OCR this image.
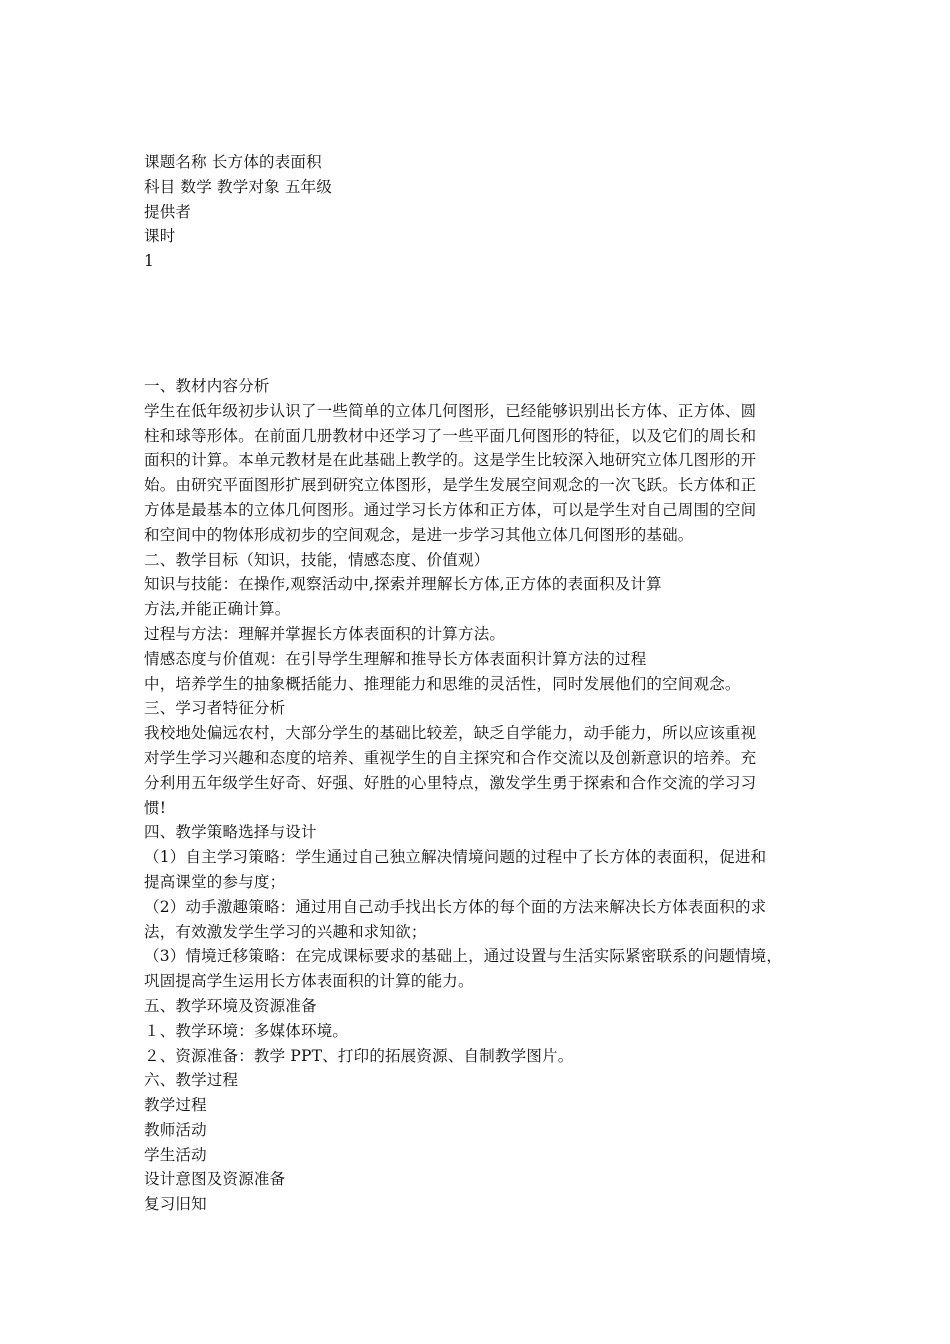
课题名称 长方体的表面积
科目 数学 教学对象 五年级
提供者
课时
1
一、教材内容分析
学生在低年级初步认识了一些简单的立体几何图形，已经能够识别出长方体、正方体、圆
柱和球等形体。在前面几册教材中还学习了一些平面几何图形的特征，以及它们的周长和
面积的计算。本单元教材是在此基础上教学的。这是学生比较深入地研究立体几图形的开
始。由研究平面图形扩展到研究立体图形，是学生发展空间观念的一次飞跃。长方体和正
方体是最基本的立体几何图形。通过学习长方体和正方体，可以是学生对自己周围的空间
和空间中的物体形成初步的空间观念，是进一步学习其他立体几何图形的基础。
二、教学目标（知识，技能，情感态度、价值观）
知识与技能：在操作,观察活动中,探索并理解长方体,正方体的表面积及计算
方法,并能正确计算。
过程与方法：理解并掌握长方体表面积的计算方法。
情感态度与价值观：在引导学生理解和推导长方体表面积计算方法的过程
中，培养学生的抽象概括能力、推理能力和思维的灵活性，同时发展他们的空间观念。
三、学习者特征分析
我校地处偏远农村，大部分学生的基础比较差，缺乏自学能力，动手能力，所以应该重视
对学生学习兴趣和态度的培养、重视学生的自主探究和合作交流以及创新意识的培养。充
分利用五年级学生好奇、好强、好胜的心里特点，激发学生勇于探索和合作交流的学习习
惯!
四、教学策略选择与设计
（1）自主学习策略：学生通过自己独立解决情境问题的过程中了长方体的表面积，促进和
提高课堂的参与度；
（2）动手激趣策略：通过用自己动手找出长方体的每个面的方法来解决长方体表面积的求
法，有效激发学生学习的兴趣和求知欲；
（3）情境迁移策略：在完成课标要求的基础上，通过设置与生活实际紧密联系的问题情境，
巩固提高学生运用长方体表面积的计算的能力。
五、教学环境及资源准备
１、教学环境：多媒体环境。
２、资源准备：教学 PPT、打印的拓展资源、自制教学图片。
六、教学过程
教学过程
教师活动
学生活动
设计意图及资源准备
复习旧知
